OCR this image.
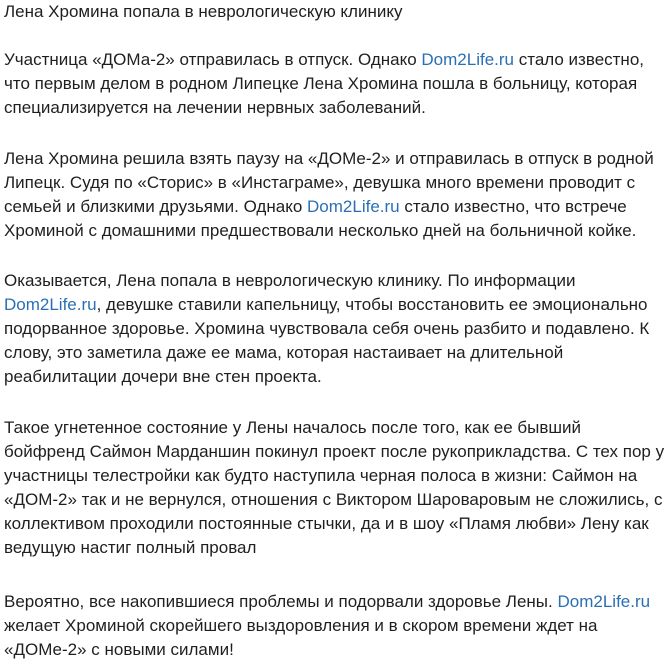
Лена Хромина попала в неврологическую клинику
Участница «ДОМа-2» отправилась в отпуск. Однако Dom2Life.ru стало известно,
что первым делом в родном Липецке Лена Хромина пошла в больницу, которая
специализируется на лечении нервных заболеваний.
Лена Хромина решила взять паузу на «ДОМе-2» и отправилась в отпуск в родной
Липецк. Судя по «Сторис» в «Инстаграме», девушка много времени проводит с
семьей и близкими друзьями. Однако Dom2Life.ru стало известно, что встрече
Хроминой с домашними предшествовали несколько дней на больничной койке.
Оказывается, Лена попала в неврологическую клинику. По информации
Dom2Life.ru, девушке ставили капельницу, чтобы восстановить ее эмоционально
подорванное здоровье. Хромина чувствовала себя очень разбито и подавлено. К
слову, это заметила даже ее мама, которая настаивает на длительной
реабилитации дочери вне стен проекта.
Такое угнетенное состояние у Лены началось после того, как ее бывший
бойфренд Саймон Марданшин покинул проект после рукоприкладства. С тех пор у
участницы телестройки как будто наступила черная полоса в жизни: Саймон на
«ДОМ-2» так и не вернулся, отношения с Виктором Шароваровым не сложились, с
коллективом проходили постоянные стычки, да и в шоу «Пламя любви» Лену как
ведущую настиг полный провал
Вероятно, все накопившиеся проблемы и подорвали здоровье Лены. Dom2Life.ru
желает Хроминой скорейшего выздоровления и в скором времени ждет на
«ДОМе-2» с новыми силами!
